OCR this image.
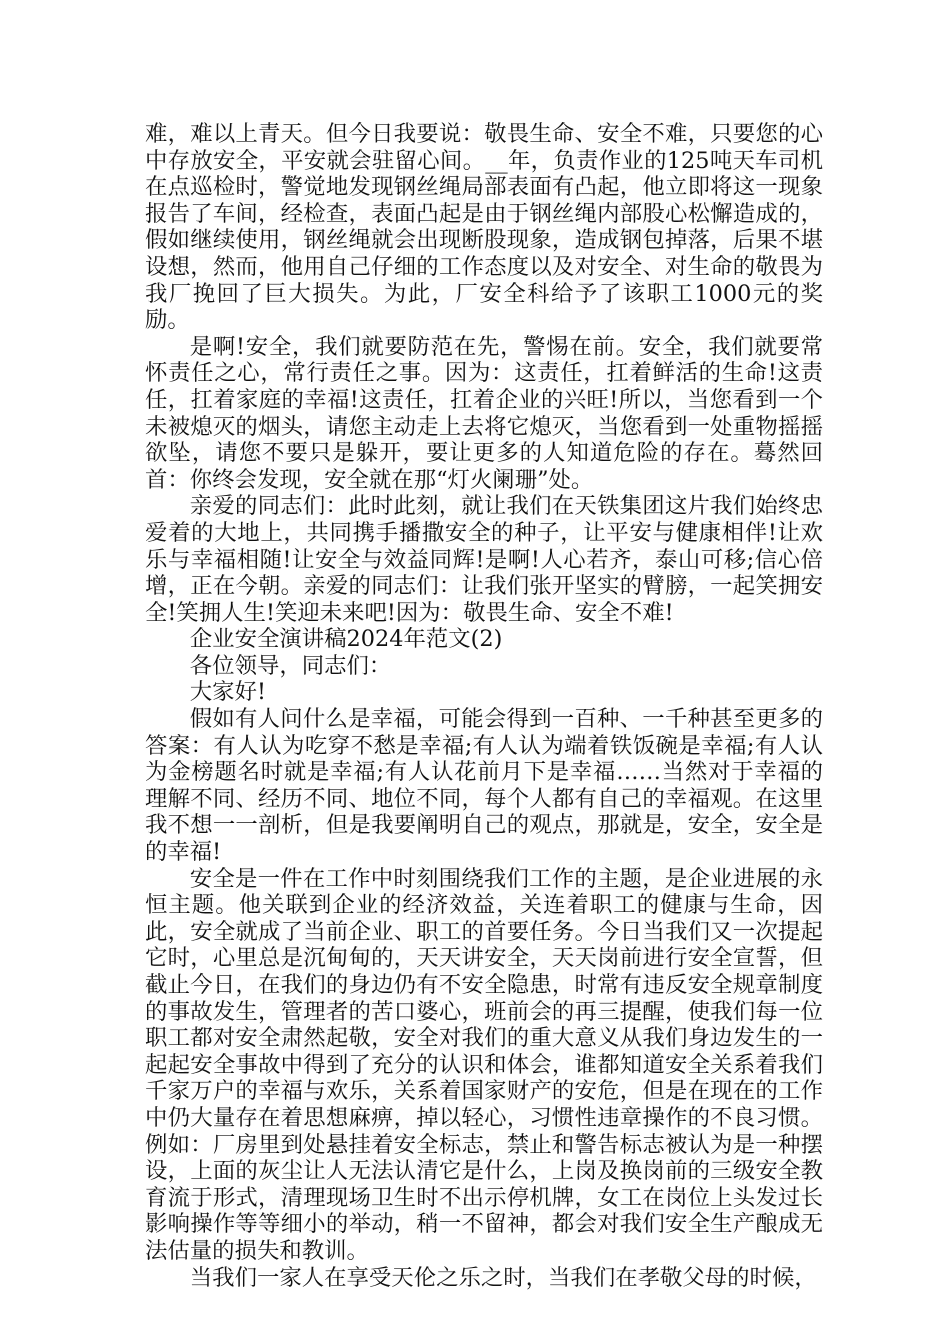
难，难以上青天。但今日我要说：敬畏生命、安全不难，只要您的心中存放安全，平安就会驻留心间。__年，负责作业的125吨天车司机在点巡检时，警觉地发现钢丝绳局部表面有凸起，他立即将这一现象报告了车间，经检查，表面凸起是由于钢丝绳内部股心松懈造成的，假如继续使用，钢丝绳就会出现断股现象，造成钢包掉落，后果不堪设想，然而，他用自己仔细的工作态度以及对安全、对生命的敬畏为我厂挽回了巨大损失。为此，厂安全科给予了该职工1000元的奖励。

是啊!安全，我们就要防范在先，警惕在前。安全，我们就要常怀责任之心，常行责任之事。因为：这责任，扛着鲜活的生命!这责任，扛着家庭的幸福!这责任，扛着企业的兴旺!所以，当您看到一个未被熄灭的烟头，请您主动走上去将它熄灭，当您看到一处重物摇摇欲坠，请您不要只是躲开，要让更多的人知道危险的存在。蓦然回首：你终会发现，安全就在那“灯火阑珊”处。

亲爱的同志们：此时此刻，就让我们在天铁集团这片我们始终忠爱着的大地上，共同携手播撒安全的种子，让平安与健康相伴!让欢乐与幸福相随!让安全与效益同辉!是啊!人心若齐，泰山可移;信心倍增，正在今朝。亲爱的同志们：让我们张开坚实的臂膀，一起笑拥安全!笑拥人生!笑迎未来吧!因为：敬畏生命、安全不难!

企业安全演讲稿2024年范文(2)

各位领导，同志们：

大家好!

假如有人问什么是幸福，可能会得到一百种、一千种甚至更多的答案：有人认为吃穿不愁是幸福;有人认为端着铁饭碗是幸福;有人认为金榜题名时就是幸福;有人认花前月下是幸福……当然对于幸福的理解不同、经历不同、地位不同，每个人都有自己的幸福观。在这里我不想一一剖析，但是我要阐明自己的观点，那就是，安全，安全是的幸福!

安全是一件在工作中时刻围绕我们工作的主题，是企业进展的永恒主题。他关联到企业的经济效益，关连着职工的健康与生命，因此，安全就成了当前企业、职工的首要任务。今日当我们又一次提起它时，心里总是沉甸甸的，天天讲安全，天天岗前进行安全宣誓，但截止今日，在我们的身边仍有不安全隐患，时常有违反安全规章制度的事故发生，管理者的苦口婆心，班前会的再三提醒，使我们每一位职工都对安全肃然起敬，安全对我们的重大意义从我们身边发生的一起起安全事故中得到了充分的认识和体会，谁都知道安全关系着我们千家万户的幸福与欢乐，关系着国家财产的安危，但是在现在的工作中仍大量存在着思想麻痹，掉以轻心，习惯性违章操作的不良习惯。例如：厂房里到处悬挂着安全标志，禁止和警告标志被认为是一种摆设，上面的灰尘让人无法认清它是什么，上岗及换岗前的三级安全教育流于形式，清理现场卫生时不出示停机牌，女工在岗位上头发过长影响操作等等细小的举动，稍一不留神，都会对我们安全生产酿成无法估量的损失和教训。

当我们一家人在享受天伦之乐之时，当我们在孝敬父母的时候，
